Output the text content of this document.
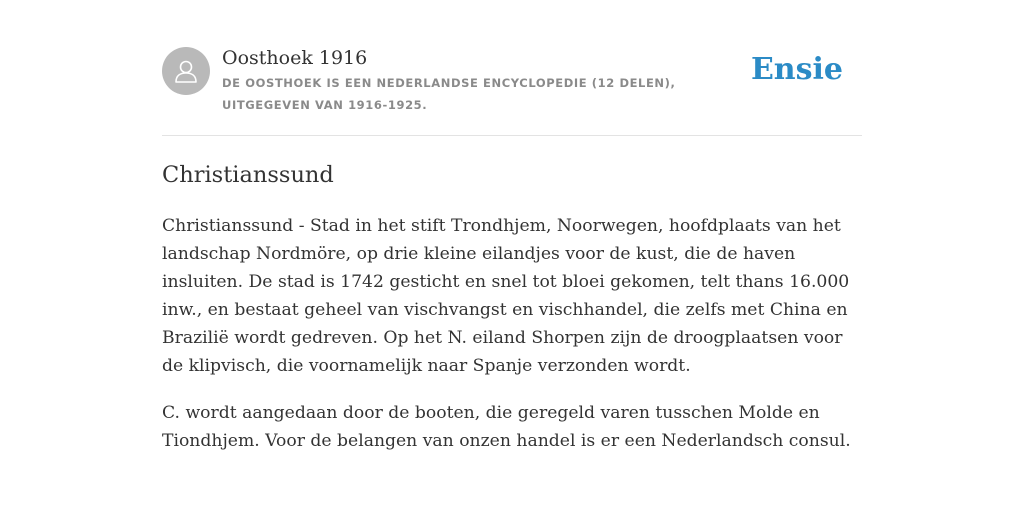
Oosthoek 1916
DE OOSTHOEK IS EEN NEDERLANDSE ENCYCLOPEDIE (12 DELEN), UITGEGEVEN VAN 1916-1925.
Ensie
Christianssund

Christianssund - Stad in het stift Trondhjem, Noorwegen, hoofdplaats van het landschap Nordmöre, op drie kleine eilandjes voor de kust, die de haven insluiten. De stad is 1742 gesticht en snel tot bloei gekomen, telt thans 16.000 inw., en bestaat geheel van vischvangst en vischhandel, die zelfs met China en Brazilië wordt gedreven. Op het N. eiland Shorpen zijn de droogplaatsen voor de klipvisch, die voornamelijk naar Spanje verzonden wordt.

C. wordt aangedaan door de booten, die geregeld varen tusschen Molde en Tiondhjem. Voor de belangen van onzen handel is er een Nederlandsch consul.
